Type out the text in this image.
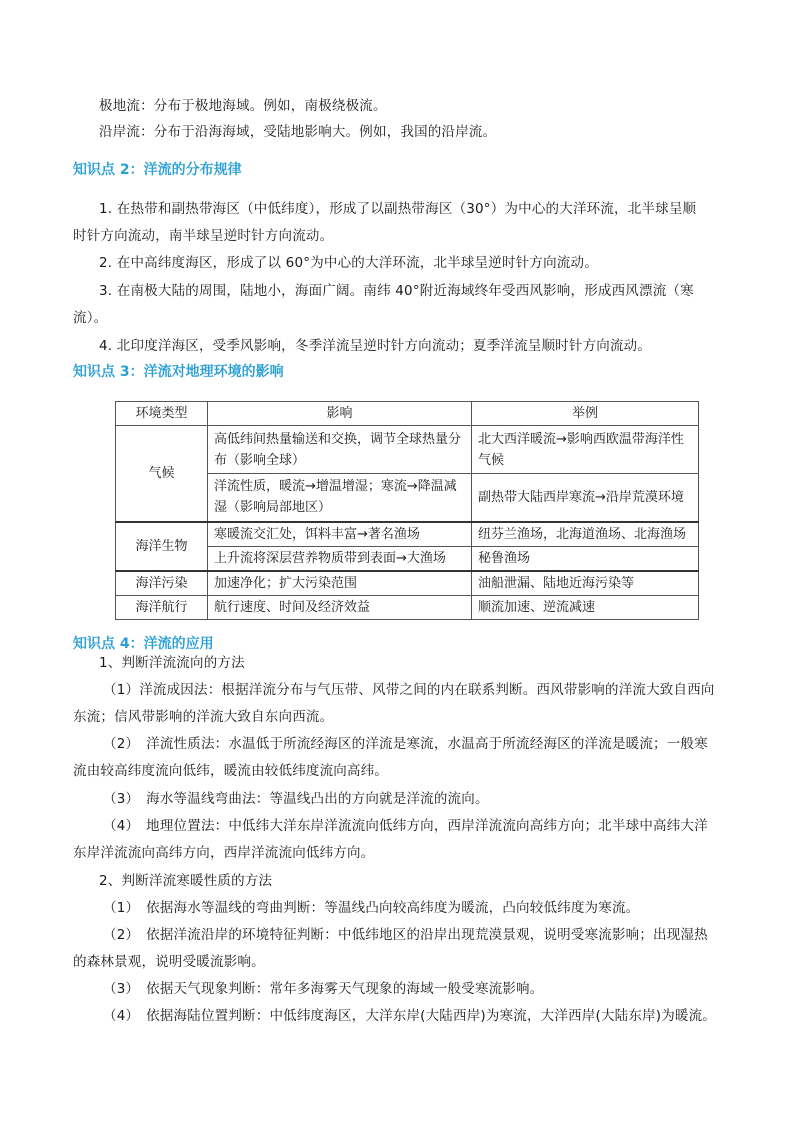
极地流：分布于极地海域。例如，南极绕极流。
沿岸流：分布于沿海海域，受陆地影响大。例如，我国的沿岸流。
知识点 2：洋流的分布规律
1. 在热带和副热带海区（中低纬度），形成了以副热带海区（30°）为中心的大洋环流，北半球呈顺
时针方向流动，南半球呈逆时针方向流动。
2. 在中高纬度海区，形成了以 60°为中心的大洋环流，北半球呈逆时针方向流动。
3. 在南极大陆的周围，陆地小，海面广阔。南纬 40°附近海域终年受西风影响，形成西风漂流（寒
流）。
4. 北印度洋海区，受季风影响，冬季洋流呈逆时针方向流动；夏季洋流呈顺时针方向流动。
知识点 3：洋流对地理环境的影响
环境类型	影响	举例
气候	高低纬间热量输送和交换，调节全球热量分布（影响全球）	北大西洋暖流→影响西欧温带海洋性气候
	洋流性质，暖流→增温增湿；寒流→降温减湿（影响局部地区）	副热带大陆西岸寒流→沿岸荒漠环境
海洋生物	寒暖流交汇处，饵料丰富→著名渔场	纽芬兰渔场，北海道渔场、北海渔场
	上升流将深层营养物质带到表面→大渔场	秘鲁渔场
海洋污染	加速净化；扩大污染范围	油船泄漏、陆地近海污染等
海洋航行	航行速度、时间及经济效益	顺流加速、逆流减速
知识点 4：洋流的应用
1、判断洋流流向的方法
（1）洋流成因法：根据洋流分布与气压带、风带之间的内在联系判断。西风带影响的洋流大致自西向
东流；信风带影响的洋流大致自东向西流。
（2）　洋流性质法：水温低于所流经海区的洋流是寒流，水温高于所流经海区的洋流是暖流；一般寒
流由较高纬度流向低纬，暖流由较低纬度流向高纬。
（3）　海水等温线弯曲法：等温线凸出的方向就是洋流的流向。
（4）　地理位置法：中低纬大洋东岸洋流流向低纬方向，西岸洋流流向高纬方向；北半球中高纬大洋
东岸洋流流向高纬方向，西岸洋流流向低纬方向。
2、判断洋流寒暖性质的方法
（1）　依据海水等温线的弯曲判断：等温线凸向较高纬度为暖流，凸向较低纬度为寒流。
（2）　依据洋流沿岸的环境特征判断：中低纬地区的沿岸出现荒漠景观，说明受寒流影响；出现湿热
的森林景观，说明受暖流影响。
（3）　依据天气现象判断：常年多海雾天气现象的海域一般受寒流影响。
（4）　依据海陆位置判断：中低纬度海区，大洋东岸(大陆西岸)为寒流，大洋西岸(大陆东岸)为暖流。
